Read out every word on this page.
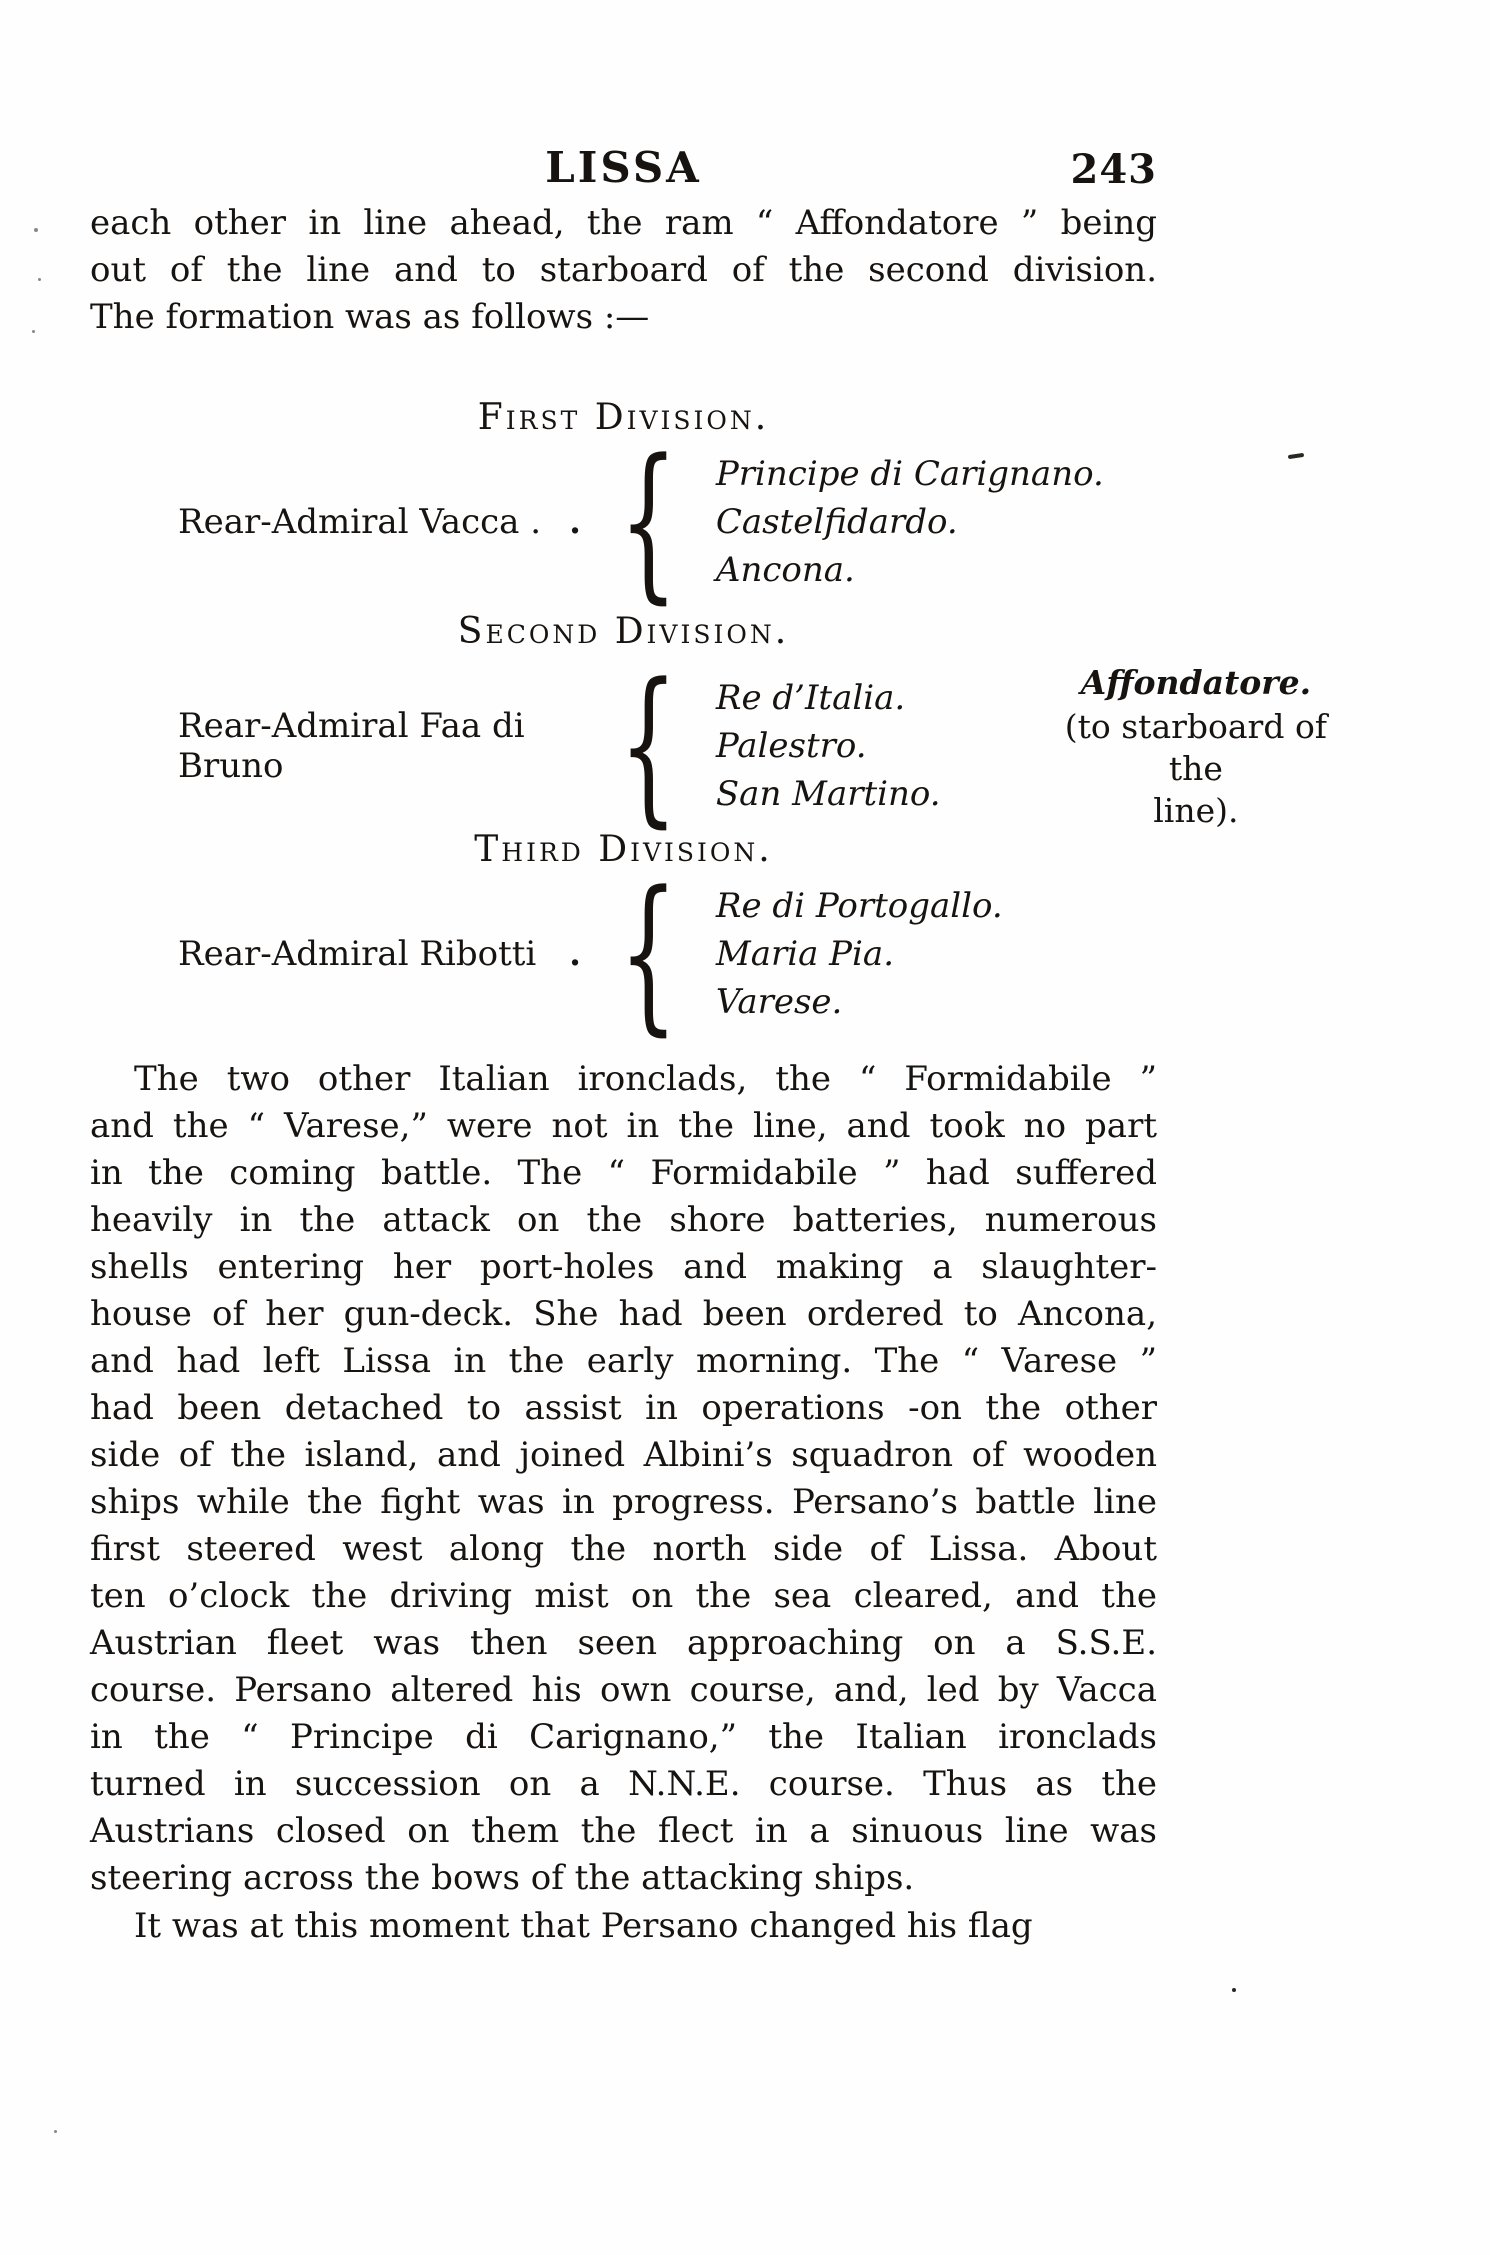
LISSA	243
each other in line ahead, the ram “ Affondatore ” being
out of the line and to starboard of the second division.
The formation was as follows :—
First Division.
Rear-Admiral Vacca . . { Principe di Carignano.
Castelfidardo.
Ancona.
Second Division.
Rear-Admiral Faa di Bruno	{ Re d’Italia.
Palestro.
San Martino.
Affondatore.
(to starboard of the
line).
Third Division.
Rear-Admiral Ribotti . { Re di Portogallo.
Maria Pia.
Varese.
The two other Italian ironclads, the “ Formidabile ”
and the “ Varese,” were not in the line, and took no part
in the coming battle. The “ Formidabile ” had suffered
heavily in the attack on the shore batteries, numerous
shells entering her port-holes and making a slaughter-
house of her gun-deck. She had been ordered to Ancona,
and had left Lissa in the early morning. The “ Varese ”
had been detached to assist in operations -on the other
side of the island, and joined Albini’s squadron of wooden
ships while the fight was in progress. Persano’s battle line
first steered west along the north side of Lissa. About
ten o’clock the driving mist on the sea cleared, and the
Austrian fleet was then seen approaching on a S.S.E.
course. Persano altered his own course, and, led by Vacca
in the “ Principe di Carignano,” the Italian ironclads
turned in succession on a N.N.E. course. Thus as the
Austrians closed on them the flect in a sinuous line was
steering across the bows of the attacking ships.
It was at this moment that Persano changed his flag
